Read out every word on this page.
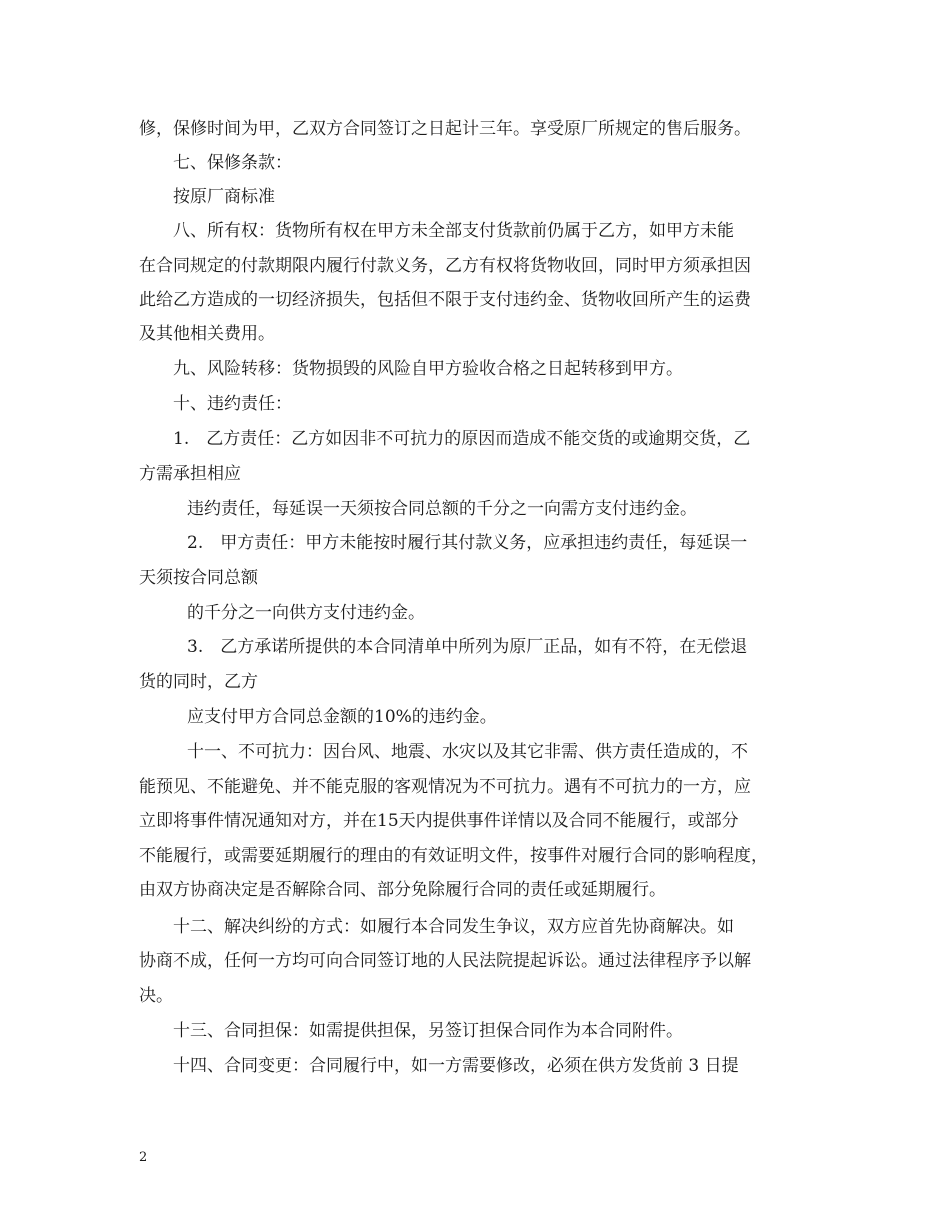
修，保修时间为甲，乙双方合同签订之日起计三年。享受原厂所规定的售后服务。
七、保修条款：
按原厂商标准
八、所有权：货物所有权在甲方未全部支付货款前仍属于乙方，如甲方未能
在合同规定的付款期限内履行付款义务，乙方有权将货物收回，同时甲方须承担因
此给乙方造成的一切经济损失，包括但不限于支付违约金、货物收回所产生的运费
及其他相关费用。
九、风险转移：货物损毁的风险自甲方验收合格之日起转移到甲方。
十、违约责任：
1.　乙方责任：乙方如因非不可抗力的原因而造成不能交货的或逾期交货，乙
方需承担相应
违约责任，每延误一天须按合同总额的千分之一向需方支付违约金。
2.　甲方责任：甲方未能按时履行其付款义务，应承担违约责任，每延误一
天须按合同总额
的千分之一向供方支付违约金。
3.　乙方承诺所提供的本合同清单中所列为原厂正品，如有不符，在无偿退
货的同时，乙方
应支付甲方合同总金额的10%的违约金。
十一、不可抗力：因台风、地震、水灾以及其它非需、供方责任造成的，不
能预见、不能避免、并不能克服的客观情况为不可抗力。遇有不可抗力的一方，应
立即将事件情况通知对方，并在15天内提供事件详情以及合同不能履行，或部分
不能履行，或需要延期履行的理由的有效证明文件，按事件对履行合同的影响程度，
由双方协商决定是否解除合同、部分免除履行合同的责任或延期履行。
十二、解决纠纷的方式：如履行本合同发生争议，双方应首先协商解决。如
协商不成，任何一方均可向合同签订地的人民法院提起诉讼。通过法律程序予以解
决。
十三、合同担保：如需提供担保，另签订担保合同作为本合同附件。
十四、合同变更：合同履行中，如一方需要修改，必须在供方发货前 3 日提
2
